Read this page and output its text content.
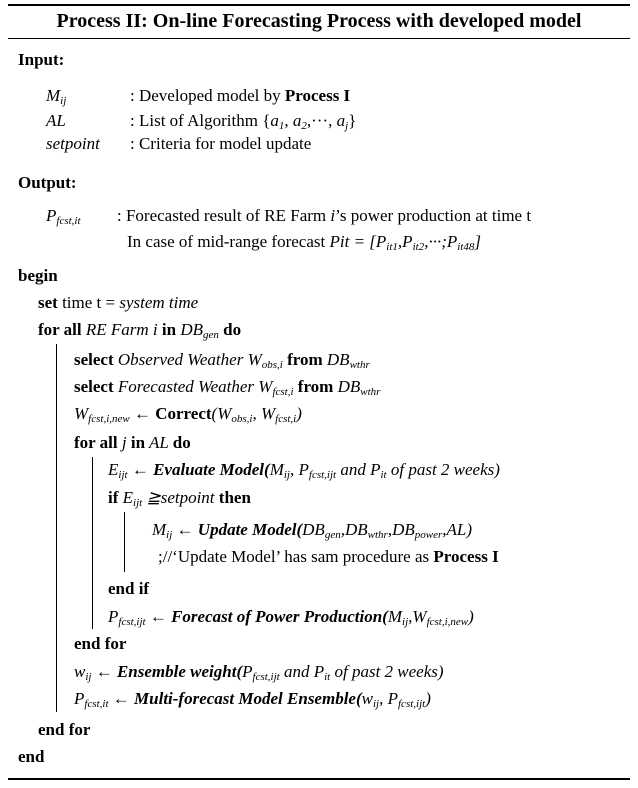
Process II: On-line Forecasting Process with developed model
Input:
$M_{ij}$	: Developed model by Process I
AL	: List of Algorithm {$a_1$, $a_2,\cdot\cdot\cdot$, $a_j$}
setpoint : Criteria for model update
Output:
$P_{fcst,it}$ : Forecasted result of RE Farm i’s power production at time t
In case of mid-range forecast Pit = $[P_{it1},P_{it2},\cdot\cdot\cdot;P_{it48}]$
begin
set time t = system time
for all RE Farm i in $DB_{gen}$ do
select Observed Weather $W_{obs,i}$ from $DB_{wthr}$
select Forecasted Weather $W_{fcst,i}$ from $DB_{wthr}$
$W_{fcst,i,new}$ ← $Correct(W_{obs,i}$, $W_{fcst,i}$)
for all j in AL do
$E_{ijt}$ ← Evaluate $Model(M_{ij}$, $P_{fcst,ijt}$ and $P_{it}$ of past 2 weeks)
if $E_{ijt}$ ≧setpoint then
$M_{ij}$ ← Update $Model(DB_{gen},DB_{wthr},DB_{power},AL)$
;//‘Update Model’ has sam procedure as Process I
end if
$P_{fcst,ijt}$ ← Forecast of Power $Production(M_{ij},W_{fcst,i,new})$
end for
$w_{ij}$ ← Ensemble $weight(P_{fcst,ijt}$ and $P_{it}$ of past 2 weeks)
$P_{fcst,it}$ ← Multi-forecast Model $Ensemble(w_{ij}$, $P_{fcst,ijt}$)
end for
end
